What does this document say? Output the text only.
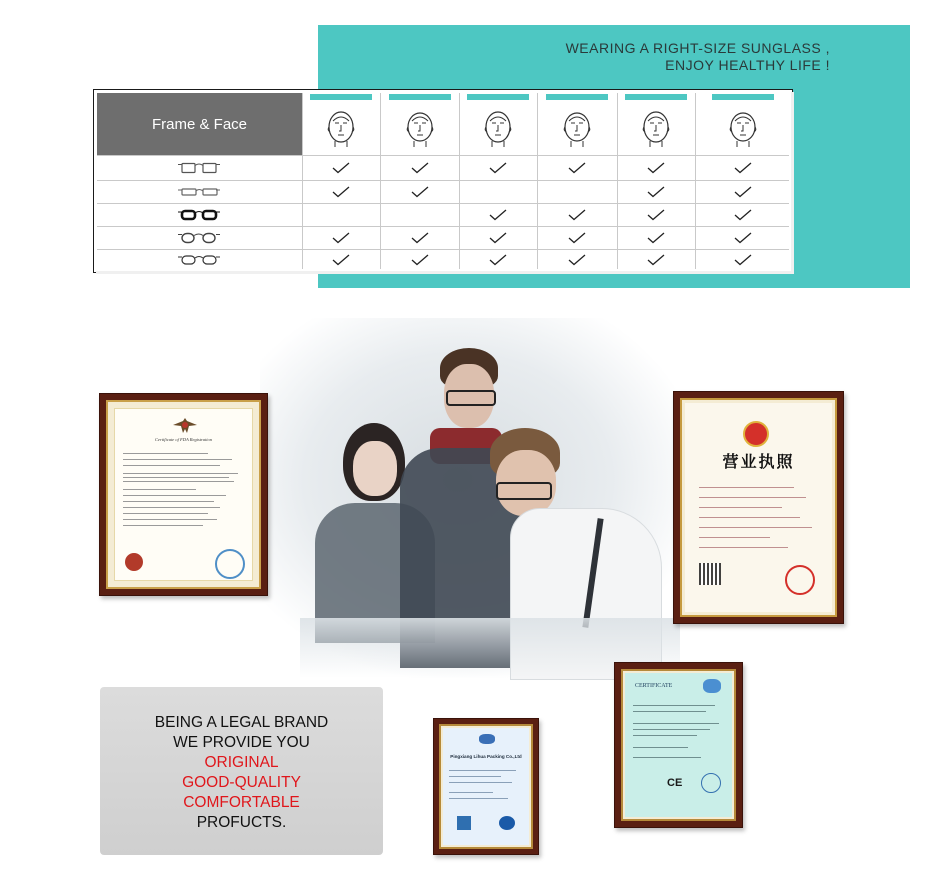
WEARING A RIGHT-SIZE SUNGLASS ,
ENJOY HEALTHY LIFE !
Frame & Face
Certificate of FDA Registration
营业执照
CERTIFICATE
CE
Pingxiang Lihua Packing Co.,Ltd
BEING A LEGAL BRAND
WE PROVIDE YOU
ORIGINAL
GOOD-QUALITY
COMFORTABLE
PROFUCTS.
